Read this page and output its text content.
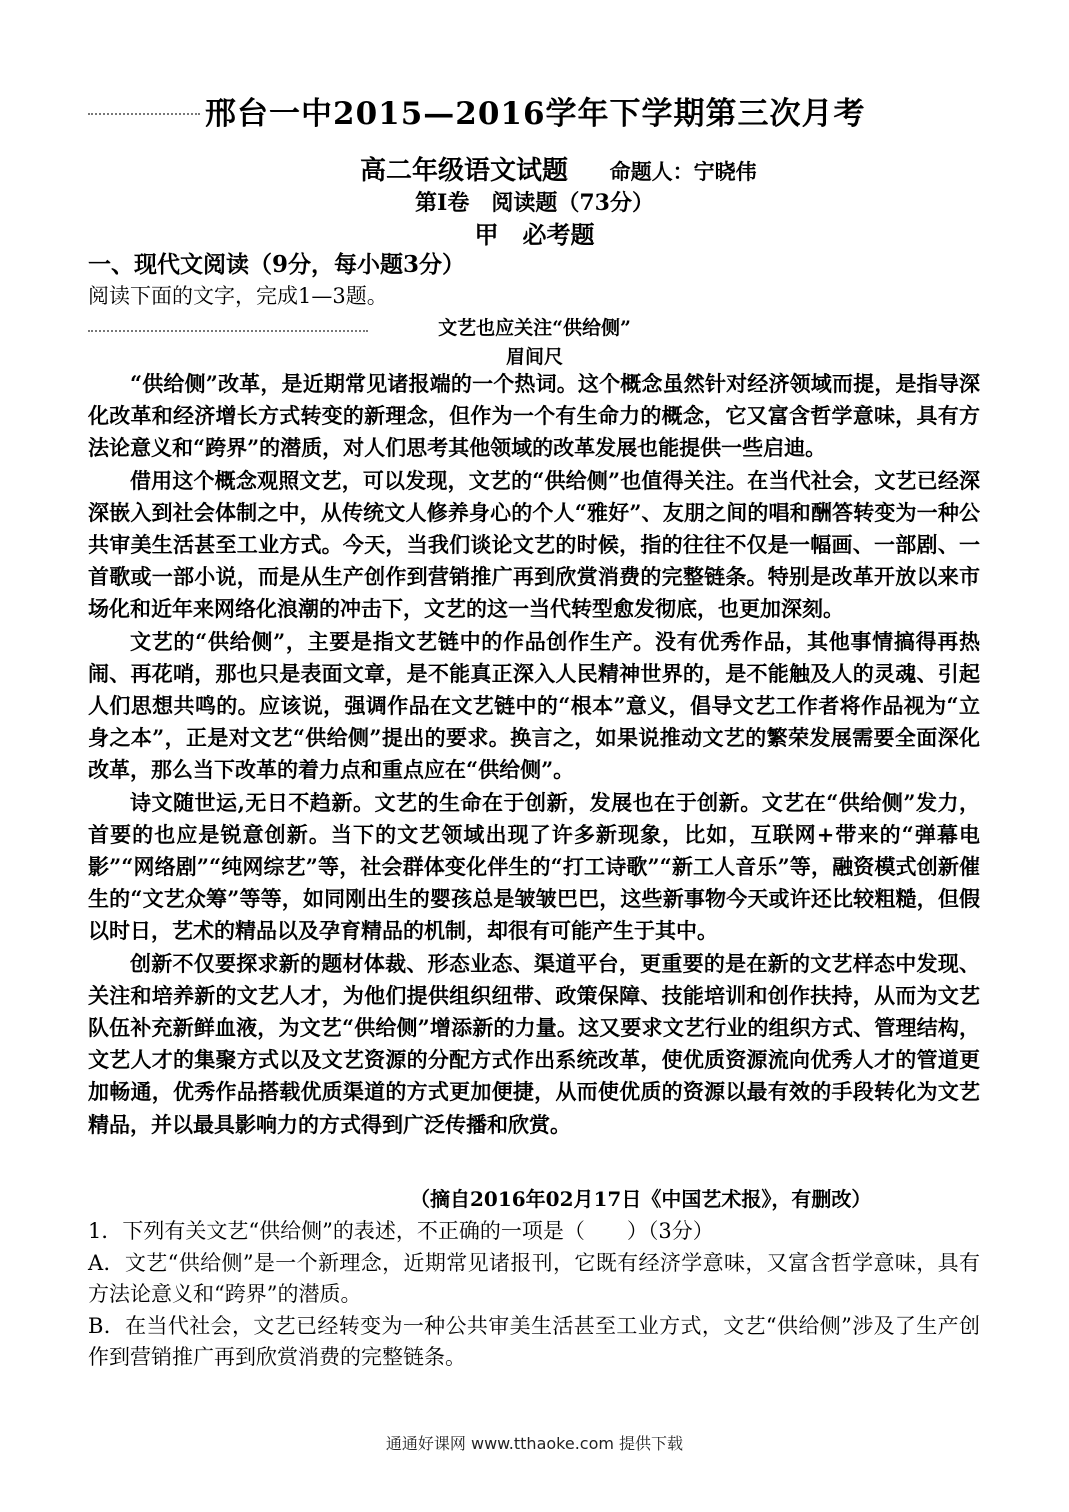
邢台一中2015—2016学年下学期第三次月考
高二年级语文试题 命题人：宁晓伟
第Ⅰ卷　阅读题（73分）
甲　必考题
一、现代文阅读（9分，每小题3分）
阅读下面的文字，完成1—3题。
文艺也应关注“供给侧”
眉间尺

“供给侧”改革，是近期常见诸报端的一个热词。这个概念虽然针对经济领域而提，是指导深化改革和经济增长方式转变的新理念，但作为一个有生命力的概念，它又富含哲学意味，具有方法论意义和“跨界”的潜质，对人们思考其他领域的改革发展也能提供一些启迪。

借用这个概念观照文艺，可以发现，文艺的“供给侧”也值得关注。在当代社会，文艺已经深深嵌入到社会体制之中，从传统文人修养身心的个人“雅好”、友朋之间的唱和酬答转变为一种公共审美生活甚至工业方式。今天，当我们谈论文艺的时候，指的往往不仅是一幅画、一部剧、一首歌或一部小说，而是从生产创作到营销推广再到欣赏消费的完整链条。特别是改革开放以来市场化和近年来网络化浪潮的冲击下，文艺的这一当代转型愈发彻底，也更加深刻。

文艺的“供给侧”，主要是指文艺链中的作品创作生产。没有优秀作品，其他事情搞得再热闹、再花哨，那也只是表面文章，是不能真正深入人民精神世界的，是不能触及人的灵魂、引起人们思想共鸣的。应该说，强调作品在文艺链中的“根本”意义，倡导文艺工作者将作品视为“立身之本”，正是对文艺“供给侧”提出的要求。换言之，如果说推动文艺的繁荣发展需要全面深化改革，那么当下改革的着力点和重点应在“供给侧”。

诗文随世运,无日不趋新。文艺的生命在于创新，发展也在于创新。文艺在“供给侧”发力，首要的也应是锐意创新。当下的文艺领域出现了许多新现象，比如，互联网+带来的“弹幕电影”“网络剧”“纯网综艺”等，社会群体变化伴生的“打工诗歌”“新工人音乐”等，融资模式创新催生的“文艺众筹”等等，如同刚出生的婴孩总是皱皱巴巴，这些新事物今天或许还比较粗糙，但假以时日，艺术的精品以及孕育精品的机制，却很有可能产生于其中。

创新不仅要探求新的题材体裁、形态业态、渠道平台，更重要的是在新的文艺样态中发现、关注和培养新的文艺人才，为他们提供组织纽带、政策保障、技能培训和创作扶持，从而为文艺队伍补充新鲜血液，为文艺“供给侧”增添新的力量。这又要求文艺行业的组织方式、管理结构，文艺人才的集聚方式以及文艺资源的分配方式作出系统改革，使优质资源流向优秀人才的管道更加畅通，优秀作品搭载优质渠道的方式更加便捷，从而使优质的资源以最有效的手段转化为文艺精品，并以最具影响力的方式得到广泛传播和欣赏。

（摘自2016年02月17日《中国艺术报》，有删改）

1．下列有关文艺“供给侧”的表述，不正确的一项是（　　）（3分）

A．文艺“供给侧”是一个新理念，近期常见诸报刊，它既有经济学意味，又富含哲学意味，具有方法论意义和“跨界”的潜质。

B．在当代社会，文艺已经转变为一种公共审美生活甚至工业方式，文艺“供给侧”涉及了生产创作到营销推广再到欣赏消费的完整链条。

通通好课网 www.tthaoke.com 提供下载
